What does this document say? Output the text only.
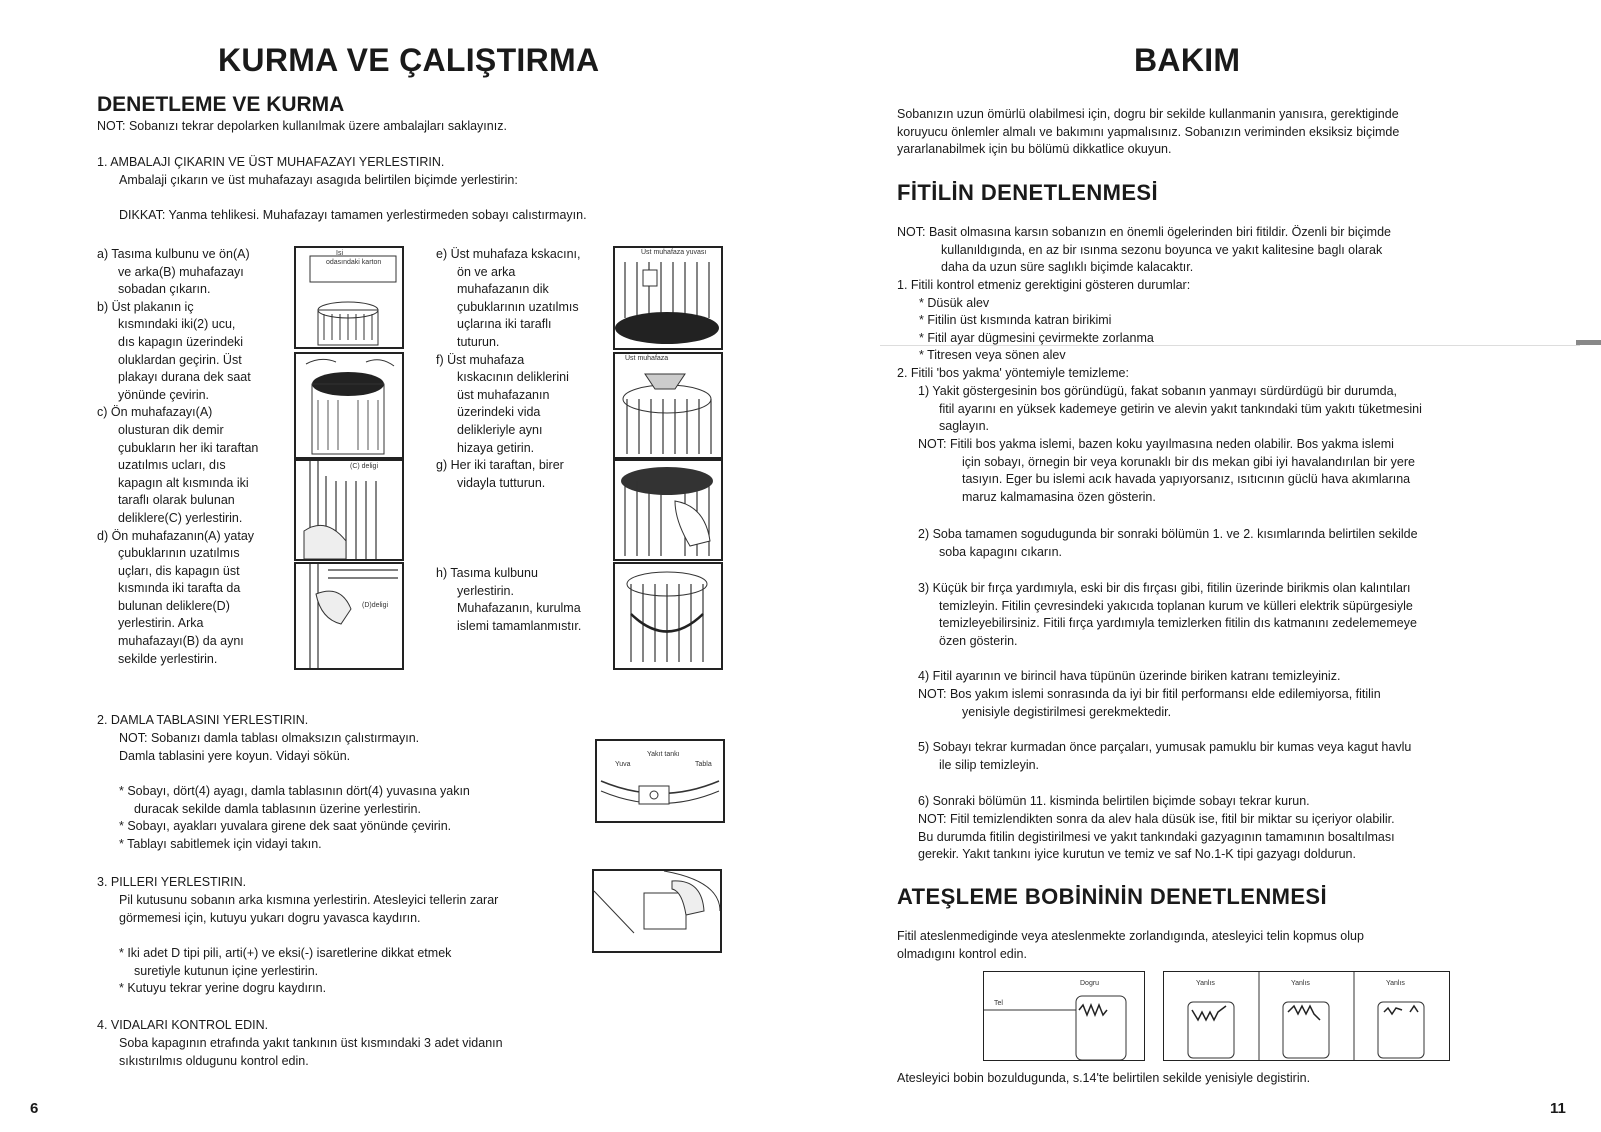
KURMA VE ÇALIŞTIRMA
DENETLEME VE KURMA
NOT: Sobanızı tekrar depolarken kullanılmak üzere ambalajları saklayınız.
1. AMBALAJI ÇIKARIN VE ÜST MUHAFAZAYI YERLESTIRIN.
Ambalaji çıkarın ve üst muhafazayı asagıda belirtilen biçimde yerlestirin:
DIKKAT: Yanma tehlikesi. Muhafazayı tamamen yerlestirmeden sobayı calıstırmayın.
a) Tasıma kulbunu ve ön(A)
ve arka(B) muhafazayı
sobadan çıkarın.
b) Üst plakanın iç
kısmındaki iki(2) ucu,
dıs kapagın üzerindeki
oluklardan geçirin. Üst
plakayı durana dek saat
yönünde çevirin.
c) Ön muhafazayı(A)
olusturan dik demir
çubukların her iki taraftan
uzatılmıs ucları, dıs
kapagın alt kısmında iki
taraflı olarak bulunan
deliklere(C) yerlestirin.
d) Ön muhafazanın(A) yatay
çubuklarının uzatılmıs
uçları, dis kapagın üst
kısmında iki tarafta da
bulunan deliklere(D)
yerlestirin. Arka
muhafazayı(B) da aynı
sekilde yerlestirin.
e) Üst muhafaza kskacını,
ön ve arka
muhafazanın dik
çubuklarının uzatılmıs
uçlarına iki taraflı
tuturun.
f) Üst muhafaza
kıskacının deliklerini
üst muhafazanın
üzerindeki vida
delikleriyle aynı
hizaya getirin.
g) Her iki taraftan, birer
vidayla tutturun.
h) Tasıma kulbunu
yerlestirin.
Muhafazanın, kurulma
islemi tamamlanmıstır.
Isi
odasındaki karton
(C) deligi
(D)deligi
Üst muhafaza yuvası
Üst muhafaza
2. DAMLA TABLASINI YERLESTIRIN.
NOT: Sobanızı damla tablası olmaksızın çalıstırmayın.
Damla tablasini yere koyun. Vidayi sökün.
* Sobayı, dört(4) ayagı, damla tablasının dört(4) yuvasına yakın
duracak sekilde damla tablasının üzerine yerlestirin.
* Sobayı, ayakları yuvalara girene dek saat yönünde çevirin.
* Tablayı sabitlemek için vidayi takın.
Yakıt tankı
Yuva	Tabla
3. PILLERI YERLESTIRIN.
Pil kutusunu sobanın arka kısmına yerlestirin. Atesleyici tellerin zarar
görmemesi için, kutuyu yukarı dogru yavasca kaydırın.
* Iki adet D tipi pili, arti(+) ve eksi(-) isaretlerine dikkat etmek
suretiyle kutunun içine yerlestirin.
* Kutuyu tekrar yerine dogru kaydırın.
4. VIDALARI KONTROL EDIN.
Soba kapagının etrafında yakıt tankının üst kısmındaki 3 adet vidanın
sıkıstırılmıs oldugunu kontrol edin.
6
BAKIM
Sobanızın uzun ömürlü olabilmesi için, dogru bir sekilde kullanmanin yanısıra, gerektiginde
koruyucu önlemler almalı ve bakımını yapmalısınız. Sobanızın veriminden eksiksiz biçimde
yararlanabilmek için bu bölümü dikkatlice okuyun.
FİTİLİN DENETLENMESİ
NOT: Basit olmasına karsın sobanızın en önemli ögelerinden biri fitildir. Özenli bir biçimde
kullanıldıgında, en az bir ısınma sezonu boyunca ve yakıt kalitesine baglı olarak
daha da uzun süre saglıklı biçimde kalacaktır.
1. Fitili kontrol etmeniz gerektigini gösteren durumlar:
* Düsük alev
* Fitilin üst kısmında katran birikimi
* Fitil ayar dügmesini çevirmekte zorlanma
* Titresen veya sönen alev
2. Fitili 'bos yakma' yöntemiyle temizleme:
1) Yakit göstergesinin bos göründügü, fakat sobanın yanmayı sürdürdügü bir durumda,
fitil ayarını en yüksek kademeye getirin ve alevin yakıt tankındaki tüm yakıtı tüketmesini
saglayın.
NOT: Fitili bos yakma islemi, bazen koku yayılmasına neden olabilir. Bos yakma islemi
için sobayı, örnegin bir veya korunaklı bir dıs mekan gibi iyi havalandırılan bir yere
tasıyın. Eger bu islemi acık havada yapıyorsanız, ısıtıcının güclü hava akımlarına
maruz kalmamasina özen gösterin.
2) Soba tamamen sogudugunda bir sonraki bölümün 1. ve 2. kısımlarında belirtilen sekilde
soba kapagını cıkarın.
3) Küçük bir fırça yardımıyla, eski bir dis fırçası gibi, fitilin üzerinde birikmis olan kalıntıları
temizleyin. Fitilin çevresindeki yakıcıda toplanan kurum ve külleri elektrik süpürgesiyle
temizleyebilirsiniz. Fitili fırça yardımıyla temizlerken fitilin dıs katmanını zedelememeye
özen gösterin.
4) Fitil ayarının ve birincil hava tüpünün üzerinde biriken katranı temizleyiniz.
NOT: Bos yakım islemi sonrasında da iyi bir fitil performansı elde edilemiyorsa, fitilin
yenisiyle degistirilmesi gerekmektedir.
5) Sobayı tekrar kurmadan önce parçaları, yumusak pamuklu bir kumas veya kagut havlu
ile silip temizleyin.
6) Sonraki bölümün 11. kisminda belirtilen biçimde sobayı tekrar kurun.
NOT: Fitil temizlendikten sonra da alev hala düsük ise, fitil bir miktar su içeriyor olabilir.
Bu durumda fitilin degistirilmesi ve yakıt tankındaki gazyagının tamamının bosaltılması
gerekir. Yakıt tankını iyice kurutun ve temiz ve saf No.1-K tipi gazyagı doldurun.
ATEŞLEME BOBİNİNİN DENETLENMESİ
Fitil ateslenmediginde veya ateslenmekte zorlandıgında, atesleyici telin kopmus olup
olmadıgını kontrol edin.
Dogru
Tel
Yanlıs	Yanlıs	Yanlıs
Atesleyici bobin bozuldugunda, s.14'te belirtilen sekilde yenisiyle degistirin.
11
